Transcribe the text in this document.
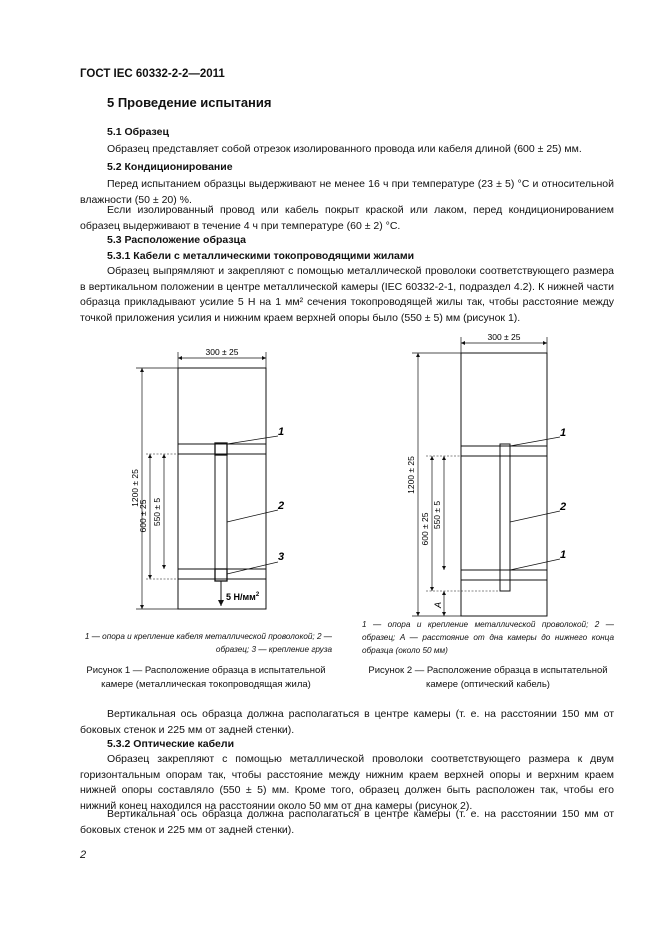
ГОСТ IEC 60332-2-2—2011
5 Проведение испытания
5.1 Образец
Образец представляет собой отрезок изолированного провода или кабеля длиной (600 ± 25) мм.
5.2 Кондиционирование
Перед испытанием образцы выдерживают не менее 16 ч при температуре (23 ± 5) °С и относительной влажности (50 ± 20) %.
Если изолированный провод или кабель покрыт краской или лаком, перед кондиционированием образец выдерживают в течение 4 ч при температуре (60 ± 2) °С.
5.3 Расположение образца
5.3.1 Кабели с металлическими токопроводящими жилами
Образец выпрямляют и закрепляют с помощью металлической проволоки соответствующего размера в вертикальном положении в центре металлической камеры (IEC 60332-2-1, подраздел 4.2). К нижней части образца прикладывают усилие 5 Н на 1 мм² сечения токопроводящей жилы так, чтобы расстояние между точкой приложения усилия и нижним краем верхней опоры было (550 ± 5) мм (рисунок 1).
300 ± 25
1200 ± 25
600 ± 25 550 ± 5
5 $Н/мм^2$
1
2
3
1 — опора и крепление кабеля металлической проволокой; 2 — образец; 3 — крепление груза
Рисунок 1 — Расположение образца в испытательной камере (металлическая токопроводящая жила)
300 ± 25
1200 ± 25
600 ± 25 550 ± 5
A
1
2
1
1 — опора и крепление металлической проволокой; 2 — образец; A — расстояние от дна камеры до нижнего конца образца (около 50 мм)
Рисунок 2 — Расположение образца в испытательной камере (оптический кабель)
Вертикальная ось образца должна располагаться в центре камеры (т. е. на расстоянии 150 мм от боковых стенок и 225 мм от задней стенки).
5.3.2 Оптические кабели
Образец закрепляют с помощью металлической проволоки соответствующего размера к двум горизонтальным опорам так, чтобы расстояние между нижним краем верхней опоры и верхним краем нижней опоры составляло (550 ± 5) мм. Кроме того, образец должен быть расположен так, чтобы его нижний конец находился на расстоянии около 50 мм от дна камеры (рисунок 2).
Вертикальная ось образца должна располагаться в центре камеры (т. е. на расстоянии 150 мм от боковых стенок и 225 мм от задней стенки).
2
